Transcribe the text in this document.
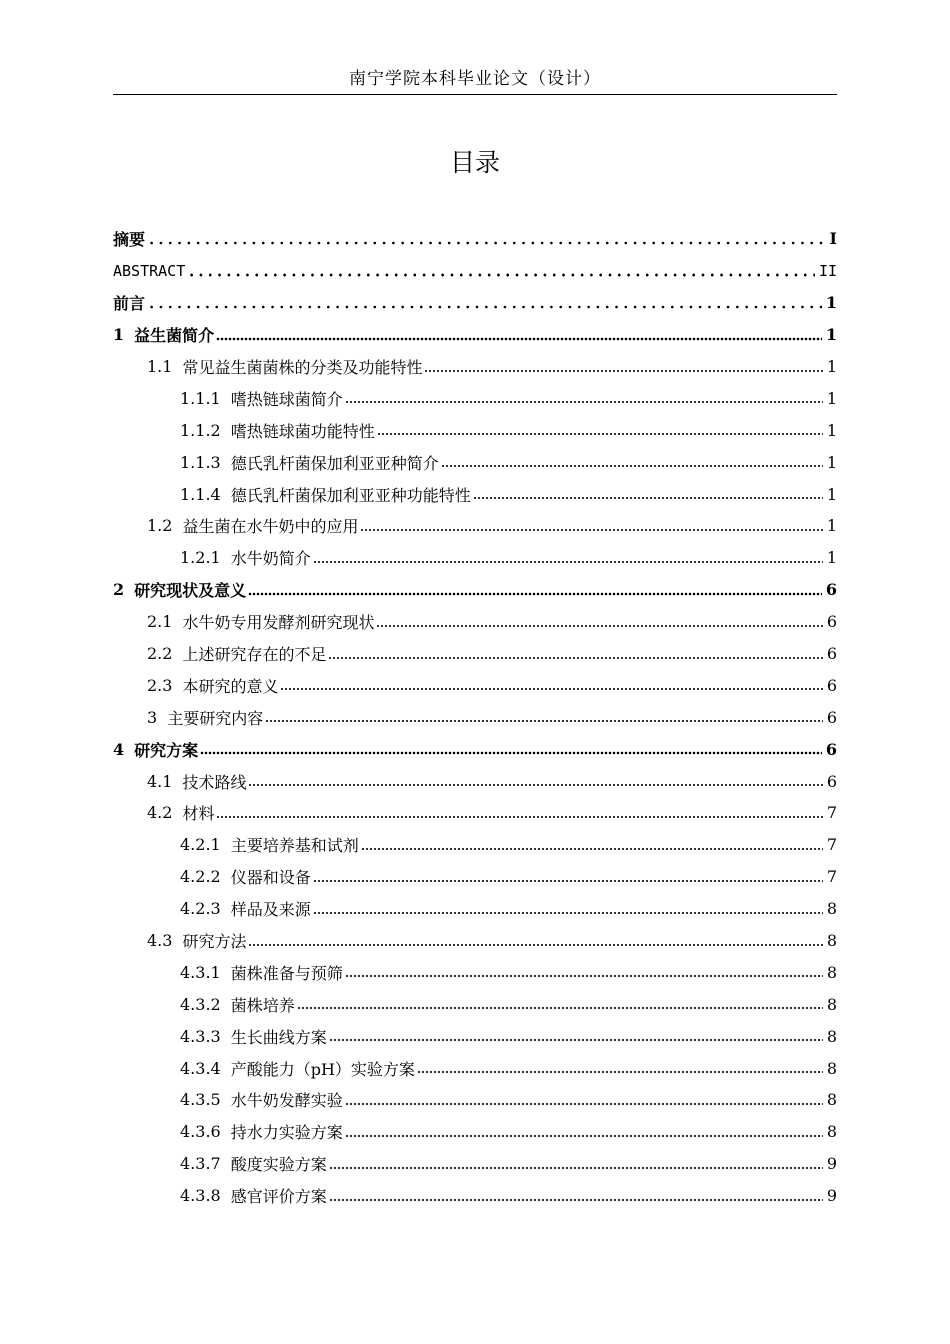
南宁学院本科毕业论文（设计）
目录
摘要	I
ABSTRACT	II
前言	1
1 益生菌简介	1
1.1 常见益生菌菌株的分类及功能特性	1
1.1.1 嗜热链球菌简介	1
1.1.2 嗜热链球菌功能特性	1
1.1.3 德氏乳杆菌保加利亚亚种简介	1
1.1.4 德氏乳杆菌保加利亚亚种功能特性	1
1.2 益生菌在水牛奶中的应用	1
1.2.1 水牛奶简介	1
2 研究现状及意义	6
2.1 水牛奶专用发酵剂研究现状	6
2.2 上述研究存在的不足	6
2.3 本研究的意义	6
3 主要研究内容	6
4 研究方案	6
4.1 技术路线	6
4.2 材料	7
4.2.1 主要培养基和试剂	7
4.2.2 仪器和设备	7
4.2.3 样品及来源	8
4.3 研究方法	8
4.3.1 菌株准备与预筛	8
4.3.2 菌株培养	8
4.3.3 生长曲线方案	8
4.3.4 产酸能力（pH）实验方案	8
4.3.5 水牛奶发酵实验	8
4.3.6 持水力实验方案	8
4.3.7 酸度实验方案	9
4.3.8 感官评价方案	9
